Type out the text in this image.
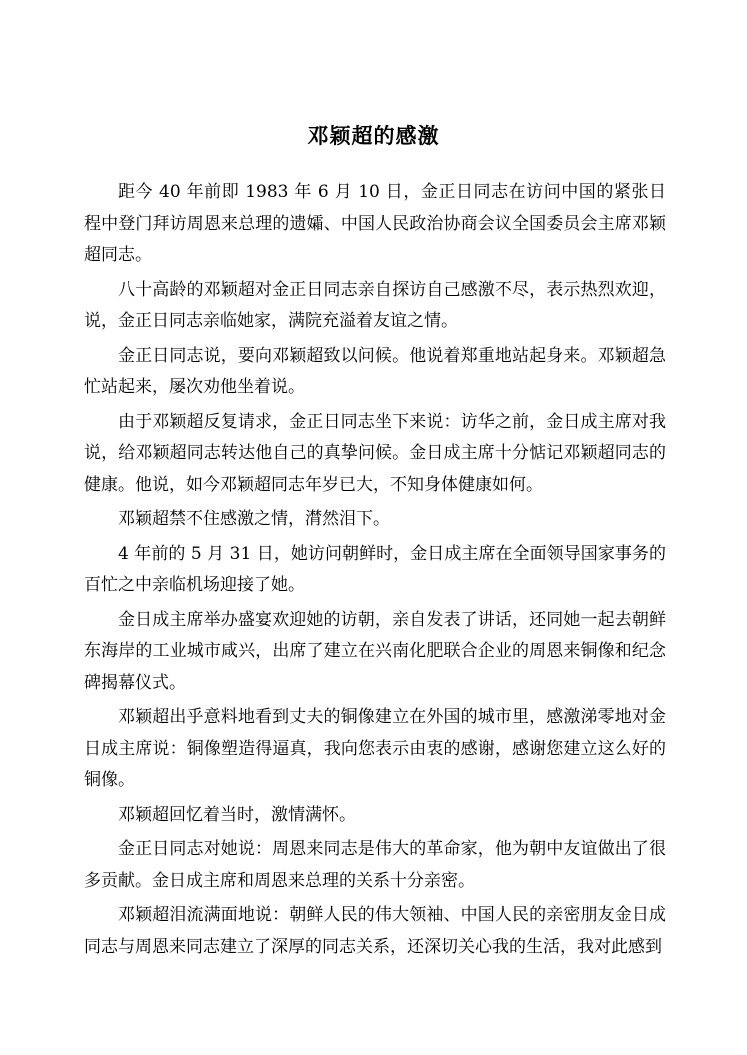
邓颖超的感激

距今 40 年前即 1983 年 6 月 10 日，金正日同志在访问中国的紧张日程中登门拜访周恩来总理的遗孀、中国人民政治协商会议全国委员会主席邓颖超同志。

八十高龄的邓颖超对金正日同志亲自探访自己感激不尽，表示热烈欢迎，说，金正日同志亲临她家，满院充溢着友谊之情。

金正日同志说，要向邓颖超致以问候。他说着郑重地站起身来。邓颖超急忙站起来，屡次劝他坐着说。

由于邓颖超反复请求，金正日同志坐下来说：访华之前，金日成主席对我说，给邓颖超同志转达他自己的真挚问候。金日成主席十分惦记邓颖超同志的健康。他说，如今邓颖超同志年岁已大，不知身体健康如何。

邓颖超禁不住感激之情，潸然泪下。

4 年前的 5 月 31 日，她访问朝鲜时，金日成主席在全面领导国家事务的百忙之中亲临机场迎接了她。

金日成主席举办盛宴欢迎她的访朝，亲自发表了讲话，还同她一起去朝鲜东海岸的工业城市咸兴，出席了建立在兴南化肥联合企业的周恩来铜像和纪念碑揭幕仪式。

邓颖超出乎意料地看到丈夫的铜像建立在外国的城市里，感激涕零地对金日成主席说：铜像塑造得逼真，我向您表示由衷的感谢，感谢您建立这么好的铜像。

邓颖超回忆着当时，激情满怀。

金正日同志对她说：周恩来同志是伟大的革命家，他为朝中友谊做出了很多贡献。金日成主席和周恩来总理的关系十分亲密。

邓颖超泪流满面地说：朝鲜人民的伟大领袖、中国人民的亲密朋友金日成同志与周恩来同志建立了深厚的同志关系，还深切关心我的生活，我对此感到
